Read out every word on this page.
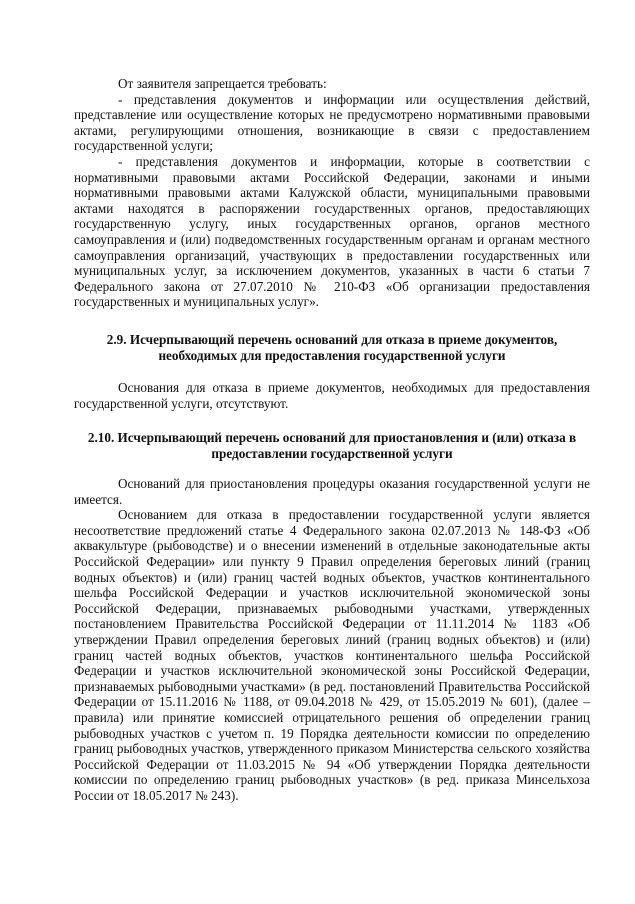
От заявителя запрещается требовать:

- представления документов и информации или осуществления действий, представление или осуществление которых не предусмотрено нормативными правовыми актами, регулирующими отношения, возникающие в связи с предоставлением государственной услуги;

- представления документов и информации, которые в соответствии с нормативными правовыми актами Российской Федерации, законами и иными нормативными правовыми актами Калужской области, муниципальными правовыми актами находятся в распоряжении государственных органов, предоставляющих государственную услугу, иных государственных органов, органов местного самоуправления и (или) подведомственных государственным органам и органам местного самоуправления организаций, участвующих в предоставлении государственных или муниципальных услуг, за исключением документов, указанных в части 6 статьи 7 Федерального закона от 27.07.2010 № 210-ФЗ «Об организации предоставления государственных и муниципальных услуг».

2.9. Исчерпывающий перечень оснований для отказа в приеме документов,

необходимых для предоставления государственной услуги

Основания для отказа в приеме документов, необходимых для предоставления государственной услуги, отсутствуют.

2.10. Исчерпывающий перечень оснований для приостановления и (или) отказа в

предоставлении государственной услуги

Оснований для приостановления процедуры оказания государственной услуги не имеется.

Основанием для отказа в предоставлении государственной услуги является несоответствие предложений статье 4 Федерального закона 02.07.2013 № 148-ФЗ «Об аквакультуре (рыбоводстве) и о внесении изменений в отдельные законодательные акты Российской Федерации» или пункту 9 Правил определения береговых линий (границ водных объектов) и (или) границ частей водных объектов, участков континентального шельфа Российской Федерации и участков исключительной экономической зоны Российской Федерации, признаваемых рыбоводными участками, утвержденных постановлением Правительства Российской Федерации от 11.11.2014 № 1183 «Об утверждении Правил определения береговых линий (границ водных объектов) и (или) границ частей водных объектов, участков континентального шельфа Российской Федерации и участков исключительной экономической зоны Российской Федерации, признаваемых рыбоводными участками» (в ред. постановлений Правительства Российской Федерации от 15.11.2016 № 1188, от 09.04.2018 № 429, от 15.05.2019 № 601), (далее – правила) или принятие комиссией отрицательного решения об определении границ рыбоводных участков с учетом п. 19 Порядка деятельности комиссии по определению границ рыбоводных участков, утвержденного приказом Министерства сельского хозяйства Российской Федерации от 11.03.2015 № 94 «Об утверждении Порядка деятельности комиссии по определению границ рыбоводных участков» (в ред. приказа Минсельхоза России от 18.05.2017 № 243).
